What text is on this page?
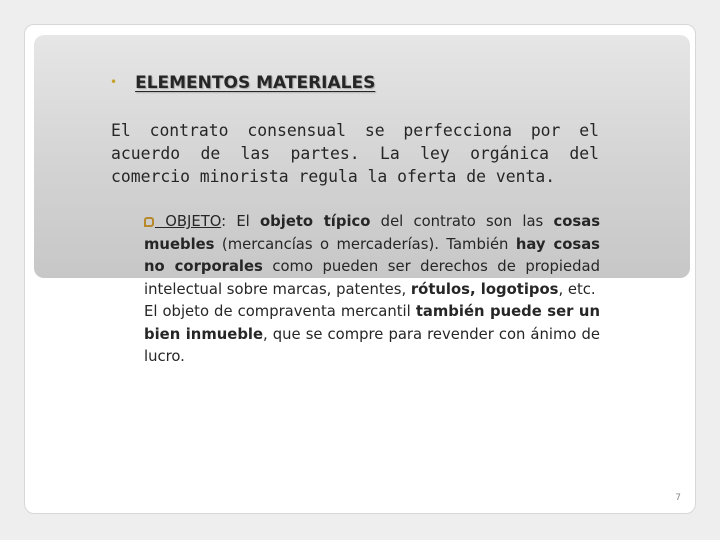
• ELEMENTOS MATERIALES

El contrato consensual se perfecciona por el acuerdo de las partes. La ley orgánica del comercio minorista regula la oferta de venta.

OBJETO: El objeto típico del contrato son las cosas muebles (mercancías o mercaderías). También hay cosas no corporales como pueden ser derechos de propiedad intelectual sobre marcas, patentes, rótulos, logotipos, etc.

El objeto de compraventa mercantil también puede ser un bien inmueble, que se compre para revender con ánimo de lucro.

7
